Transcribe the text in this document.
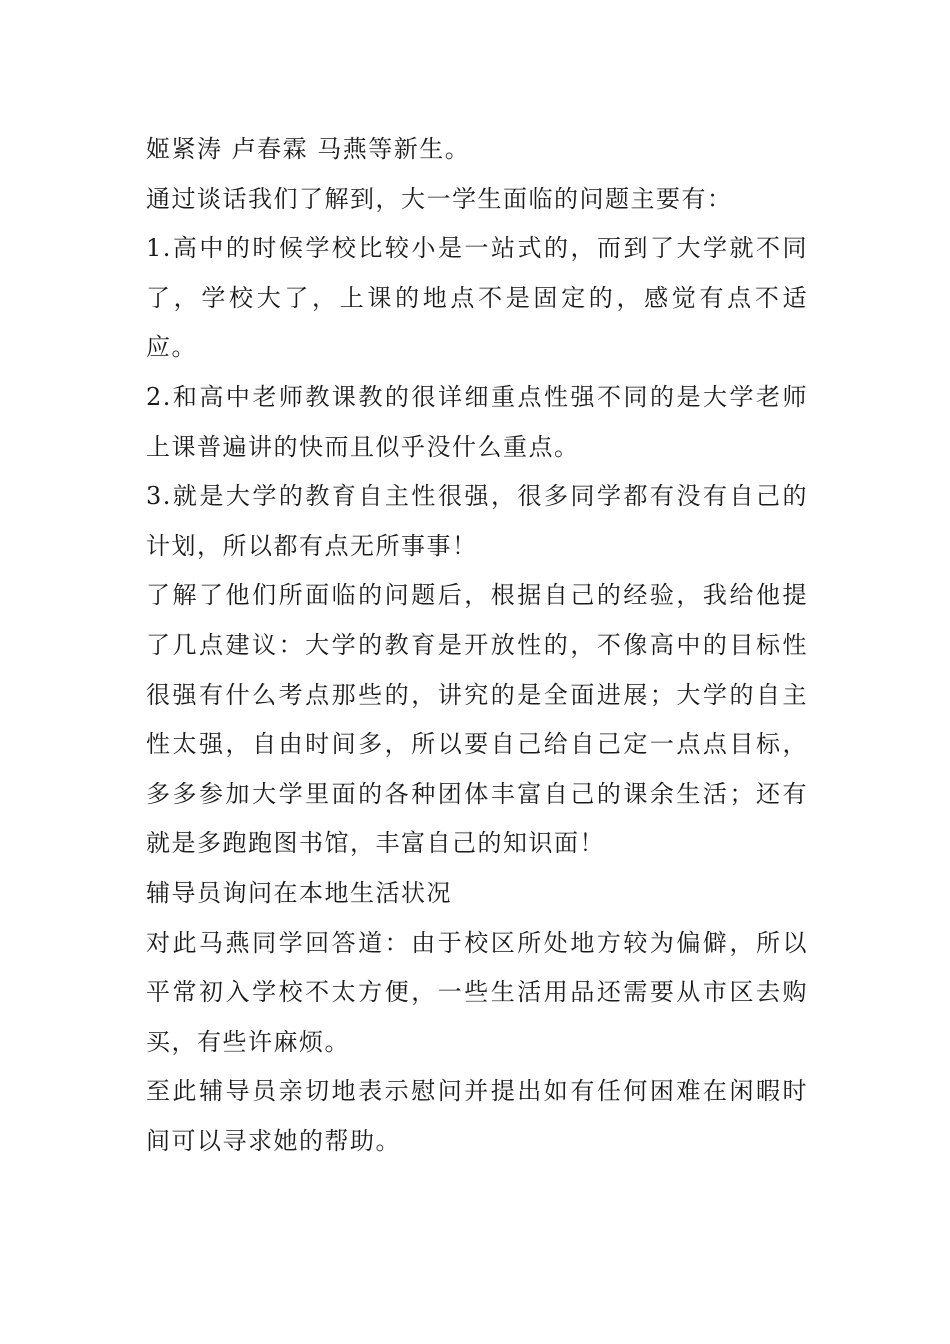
姬紧涛 卢春霖 马燕等新生。

通过谈话我们了解到，大一学生面临的问题主要有：

1.高中的时候学校比较小是一站式的，而到了大学就不同了，学校大了，上课的地点不是固定的，感觉有点不适应。

2.和高中老师教课教的很详细重点性强不同的是大学老师上课普遍讲的快而且似乎没什么重点。

3.就是大学的教育自主性很强，很多同学都有没有自己的计划，所以都有点无所事事！

了解了他们所面临的问题后，根据自己的经验，我给他提了几点建议：大学的教育是开放性的，不像高中的目标性很强有什么考点那些的，讲究的是全面进展；大学的自主性太强，自由时间多，所以要自己给自己定一点点目标，多多参加大学里面的各种团体丰富自己的课余生活；还有就是多跑跑图书馆，丰富自己的知识面！

辅导员询问在本地生活状况

对此马燕同学回答道：由于校区所处地方较为偏僻，所以平常初入学校不太方便，一些生活用品还需要从市区去购买，有些许麻烦。

至此辅导员亲切地表示慰问并提出如有任何困难在闲暇时间可以寻求她的帮助。
